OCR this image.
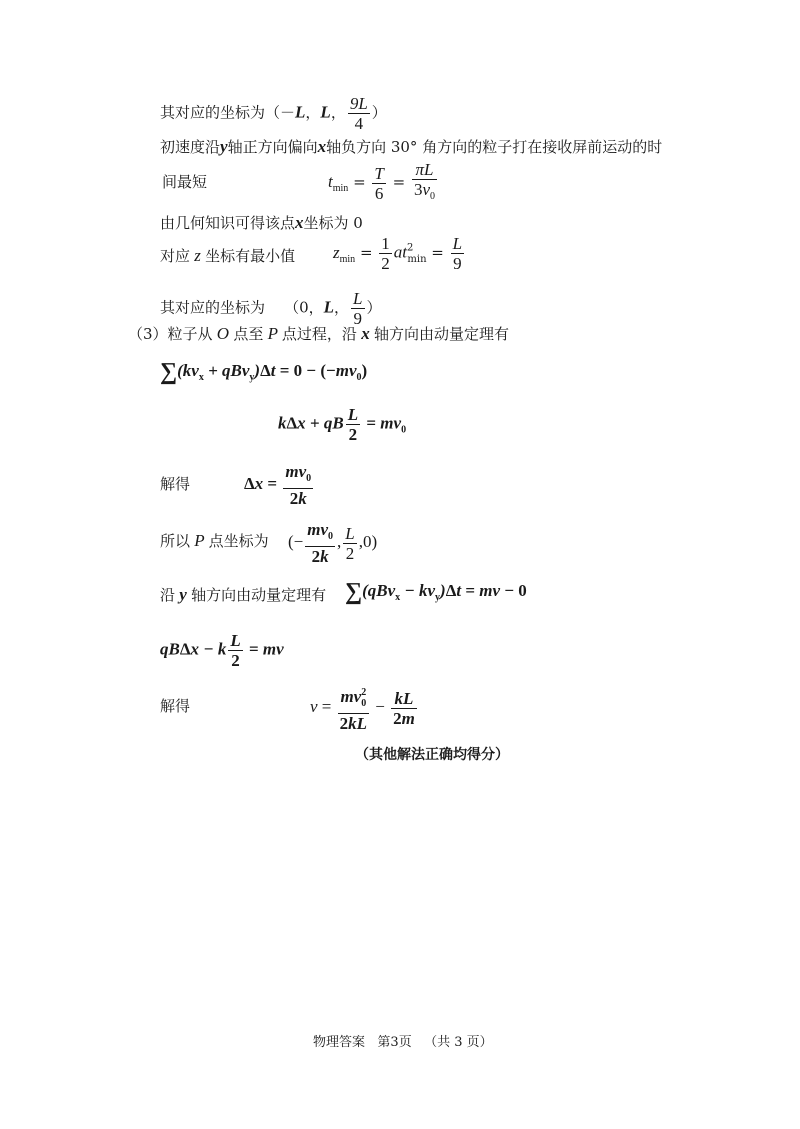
其对应的坐标为（－L，L， $\frac{9L}{4}$ ）
初速度沿y轴正方向偏向x轴负方向 30° 角方向的粒子打在接收屏前运动的时
间最短	$t_{min} = \frac{T}{6} = \frac{\pi L}{3v_0}$
由几何知识可得该点x坐标为 0
对应 z 坐标有最小值 $z_{min} = \frac{1}{2} at^2_{min} = \frac{L}{9}$
其对应的坐标为 （0，L， $\frac{L}{9}$ ）
（3）粒子从 O 点至 P 点过程，沿 x 轴方向由动量定理有
$\sum(kv_x + qBv_y)\Delta t = 0 - (-mv_0)$
kΔx + qB $\frac{L}{2} = mv_0$
解得	$\Delta x = \frac{mv_0}{2k}$
所以 P 点坐标为 (− $\frac{mv_0}{2k}$ , $\frac{L}{2} ,0$)
沿 y 轴方向由动量定理有 $\sum(qBv_x - kv_y)\Delta t$ = mv − 0
qBΔx − k $\frac{L}{2}$ = mv
解得	$v = \frac{mv^2_0}{2kL} - \frac{kL}{2m}$
（其他解法正确均得分）
物理答案 第3页 （共 3 页）
